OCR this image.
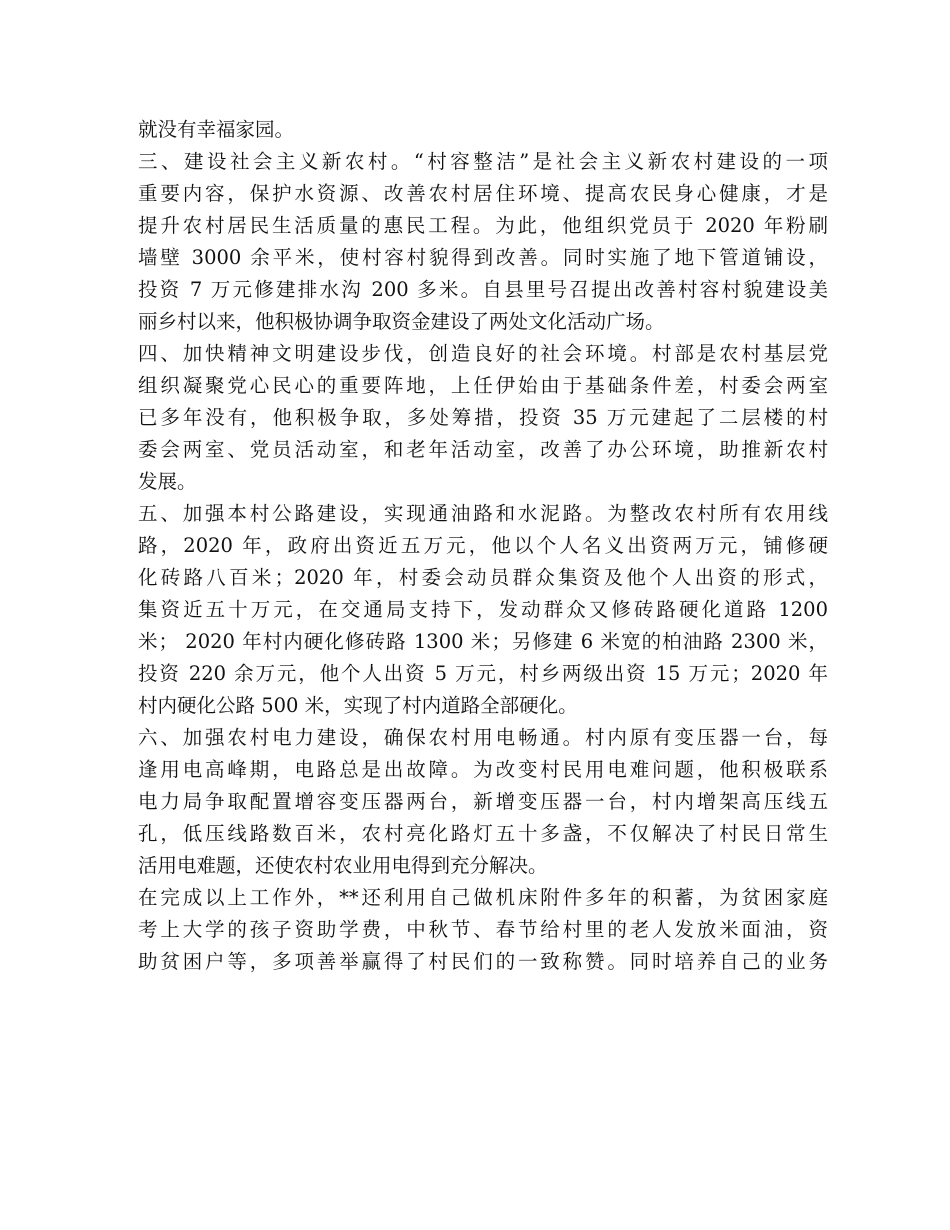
就没有幸福家园。
三、建设社会主义新农村。“村容整洁”是社会主义新农村建设的一项
重要内容，保护水资源、改善农村居住环境、提高农民身心健康，才是
提升农村居民生活质量的惠民工程。为此，他组织党员于 2020 年粉刷
墙壁 3000 余平米，使村容村貌得到改善。同时实施了地下管道铺设，
投资 7 万元修建排水沟 200 多米。自县里号召提出改善村容村貌建设美
丽乡村以来，他积极协调争取资金建设了两处文化活动广场。
四、加快精神文明建设步伐，创造良好的社会环境。村部是农村基层党
组织凝聚党心民心的重要阵地，上任伊始由于基础条件差，村委会两室
已多年没有，他积极争取，多处筹措，投资 35 万元建起了二层楼的村
委会两室、党员活动室，和老年活动室，改善了办公环境，助推新农村
发展。
五、加强本村公路建设，实现通油路和水泥路。为整改农村所有农用线
路，2020 年，政府出资近五万元，他以个人名义出资两万元，铺修硬
化砖路八百米；2020 年，村委会动员群众集资及他个人出资的形式，
集资近五十万元，在交通局支持下，发动群众又修砖路硬化道路 1200
米； 2020 年村内硬化修砖路 1300 米；另修建 6 米宽的柏油路 2300 米，
投资 220 余万元，他个人出资 5 万元，村乡两级出资 15 万元；2020 年
村内硬化公路 500 米，实现了村内道路全部硬化。
六、加强农村电力建设，确保农村用电畅通。村内原有变压器一台，每
逢用电高峰期，电路总是出故障。为改变村民用电难问题，他积极联系
电力局争取配置增容变压器两台，新增变压器一台，村内增架高压线五
孔，低压线路数百米，农村亮化路灯五十多盏，不仅解决了村民日常生
活用电难题，还使农村农业用电得到充分解决。
在完成以上工作外，**还利用自己做机床附件多年的积蓄，为贫困家庭
考上大学的孩子资助学费，中秋节、春节给村里的老人发放米面油，资
助贫困户等，多项善举赢得了村民们的一致称赞。同时培养自己的业务
